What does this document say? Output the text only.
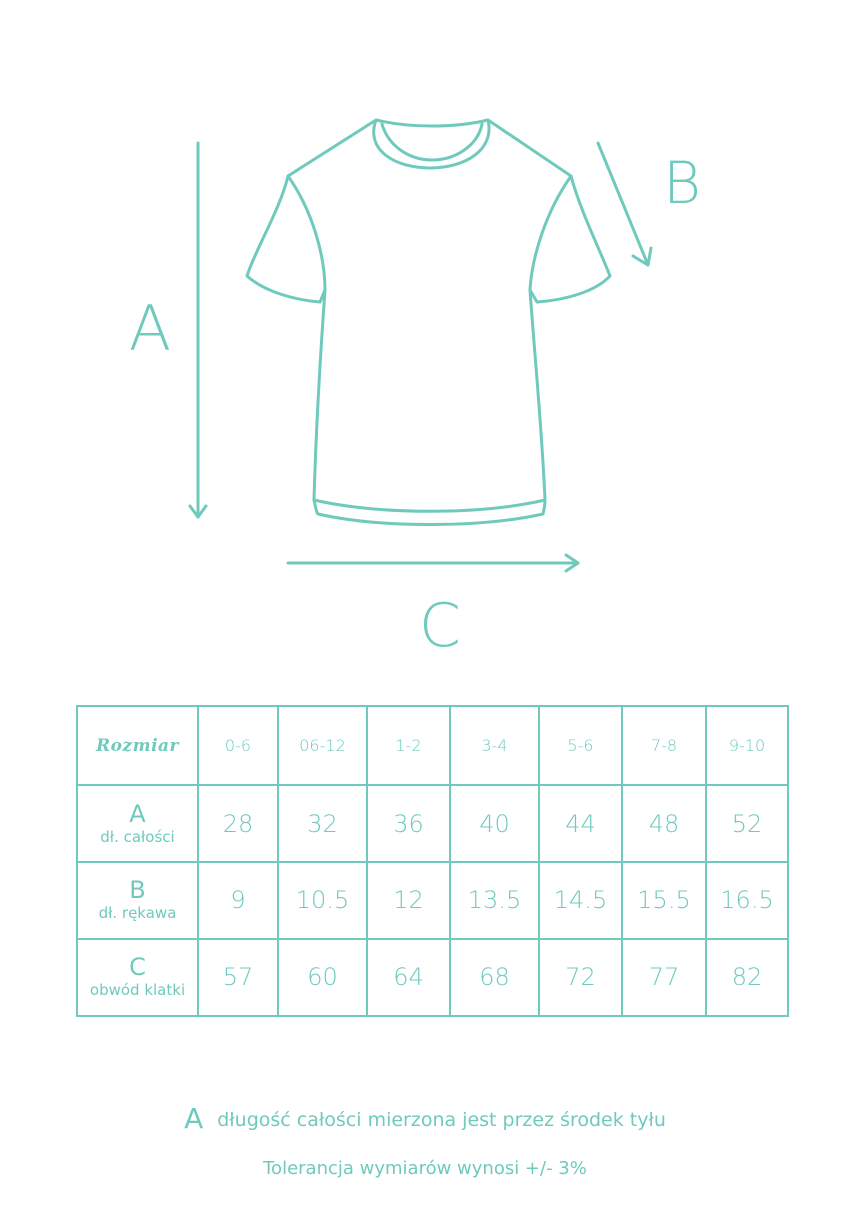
A
B
C
Rozmiar	0-6	06-12	1-2	3-4	5-6	7-8	9-10

A
dł. całości	28	32	36	40	44	48	52

B
dł. rękawa	9	10.5	12	13.5	14.5	15.5	16.5

C
obwód klatki	57	60	64	68	72	77	82
A długość całości mierzona jest przez środek tyłu
Tolerancja wymiarów wynosi +/- 3%
